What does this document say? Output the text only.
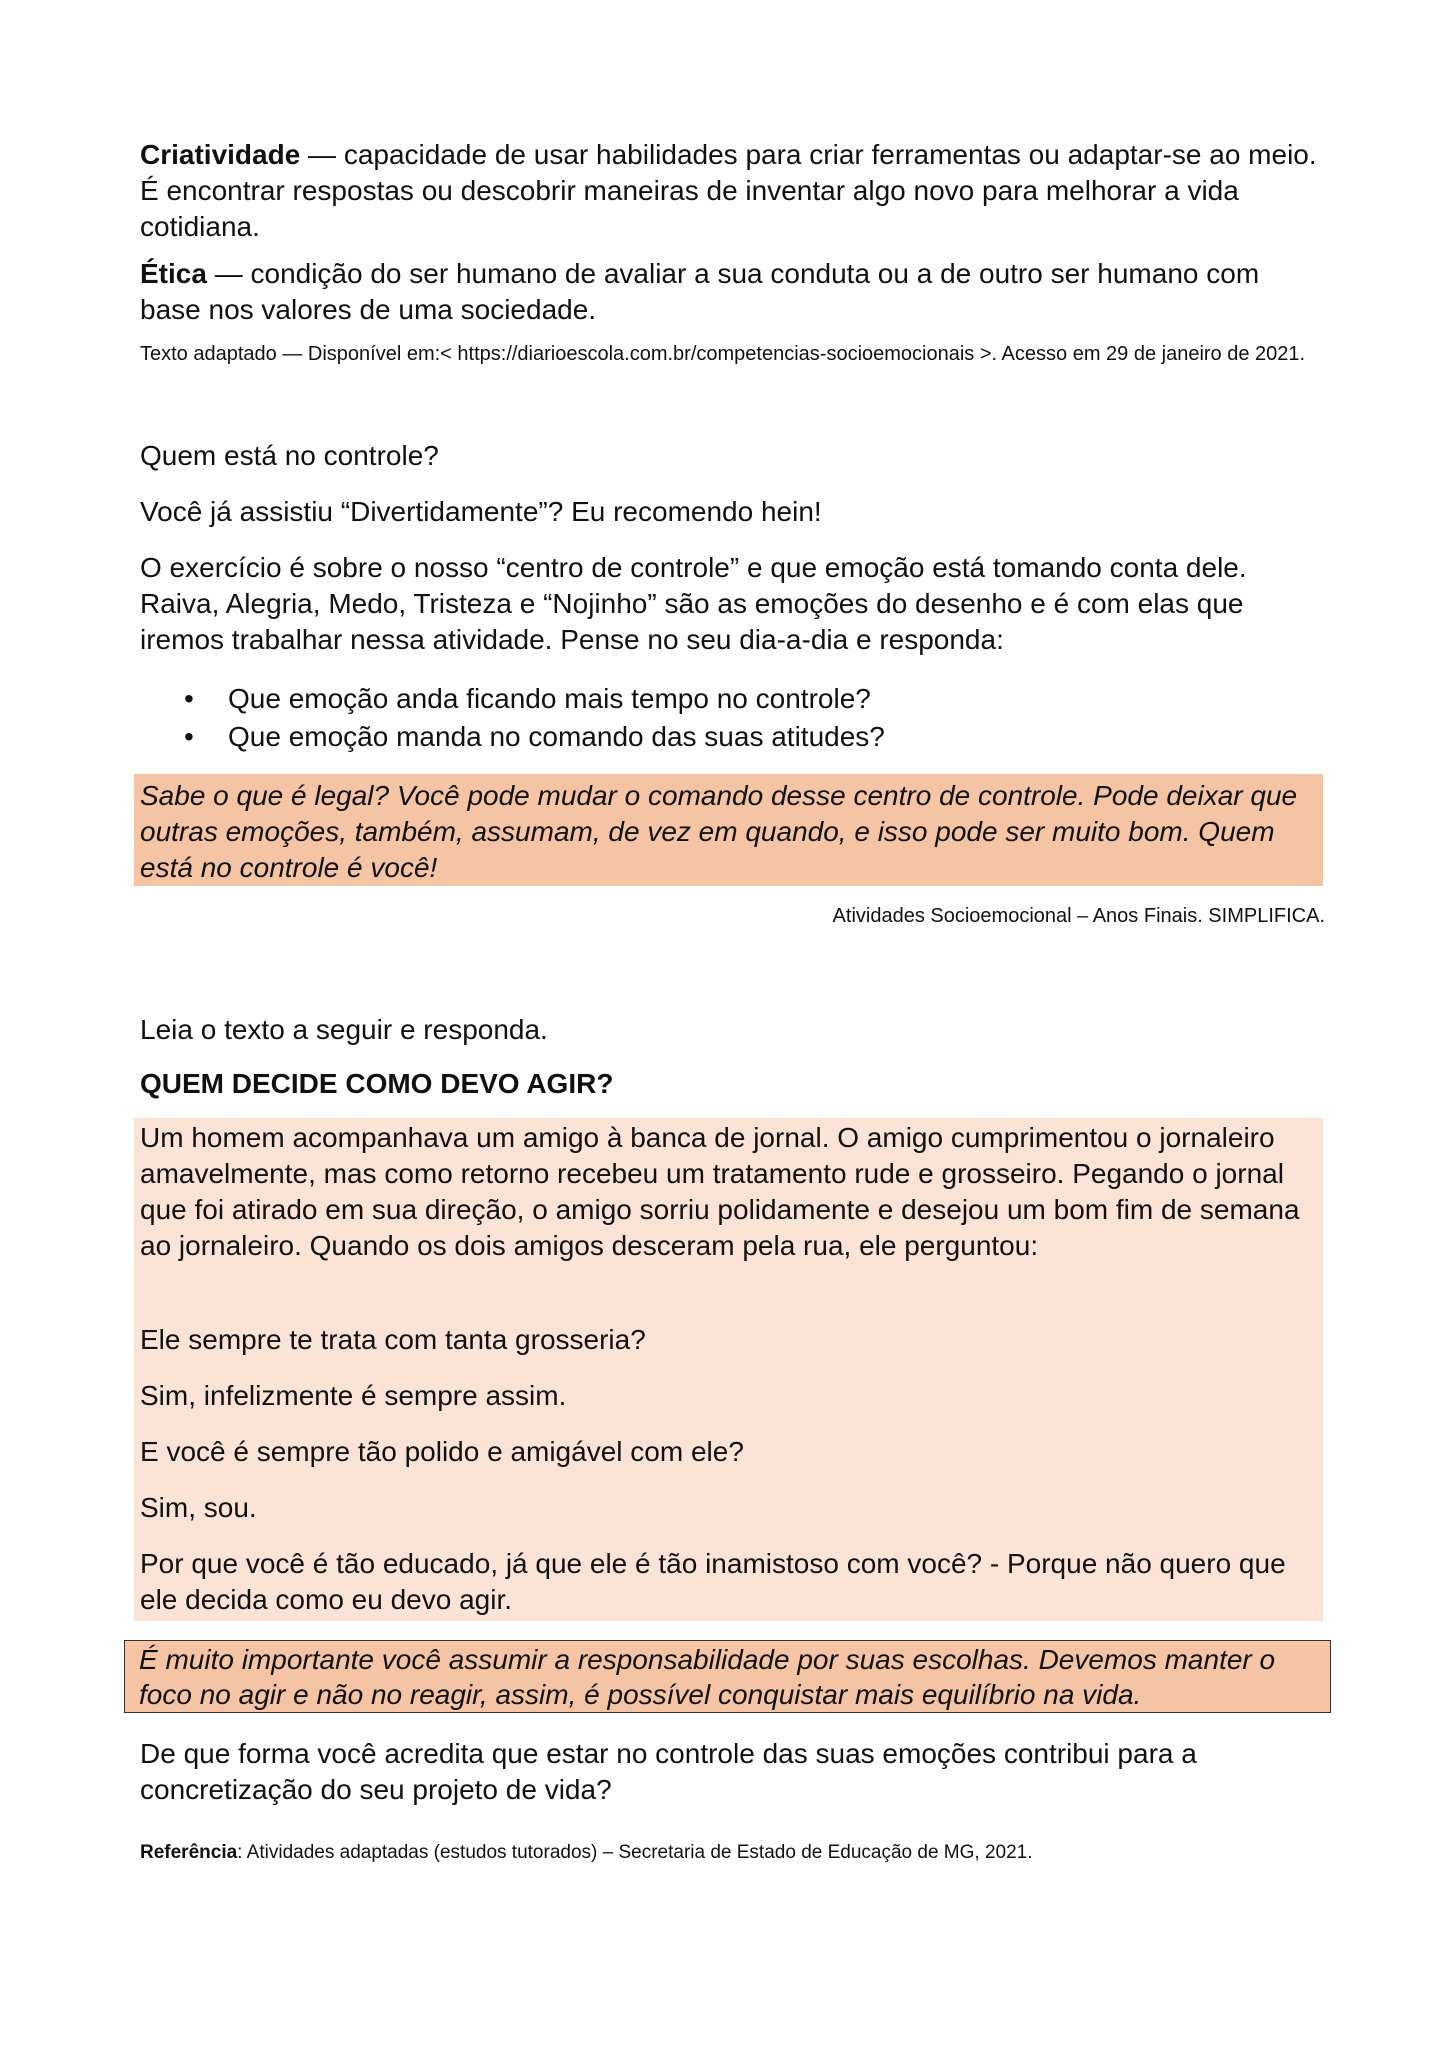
Criatividade — capacidade de usar habilidades para criar ferramentas ou adaptar-se ao meio. É encontrar respostas ou descobrir maneiras de inventar algo novo para melhorar a vida cotidiana.

Ética — condição do ser humano de avaliar a sua conduta ou a de outro ser humano com base nos valores de uma sociedade.

Texto adaptado — Disponível em:< https://diarioescola.com.br/competencias-socioemocionais >. Acesso em 29 de janeiro de 2021.

Quem está no controle?

Você já assistiu “Divertidamente”? Eu recomendo hein!

O exercício é sobre o nosso “centro de controle” e que emoção está tomando conta dele. Raiva, Alegria, Medo, Tristeza e “Nojinho” são as emoções do desenho e é com elas que iremos trabalhar nessa atividade. Pense no seu dia-a-dia e responda:

• Que emoção anda ficando mais tempo no controle?
• Que emoção manda no comando das suas atitudes?

Sabe o que é legal? Você pode mudar o comando desse centro de controle. Pode deixar que outras emoções, também, assumam, de vez em quando, e isso pode ser muito bom. Quem está no controle é você!

Atividades Socioemocional – Anos Finais. SIMPLIFICA.

Leia o texto a seguir e responda.

QUEM DECIDE COMO DEVO AGIR?

Um homem acompanhava um amigo à banca de jornal. O amigo cumprimentou o jornaleiro amavelmente, mas como retorno recebeu um tratamento rude e grosseiro. Pegando o jornal que foi atirado em sua direção, o amigo sorriu polidamente e desejou um bom fim de semana ao jornaleiro. Quando os dois amigos desceram pela rua, ele perguntou:

Ele sempre te trata com tanta grosseria?

Sim, infelizmente é sempre assim.

E você é sempre tão polido e amigável com ele?

Sim, sou.

Por que você é tão educado, já que ele é tão inamistoso com você? - Porque não quero que ele decida como eu devo agir.

É muito importante você assumir a responsabilidade por suas escolhas. Devemos manter o foco no agir e não no reagir, assim, é possível conquistar mais equilíbrio na vida.

De que forma você acredita que estar no controle das suas emoções contribui para a concretização do seu projeto de vida?

Referência: Atividades adaptadas (estudos tutorados) – Secretaria de Estado de Educação de MG, 2021.
